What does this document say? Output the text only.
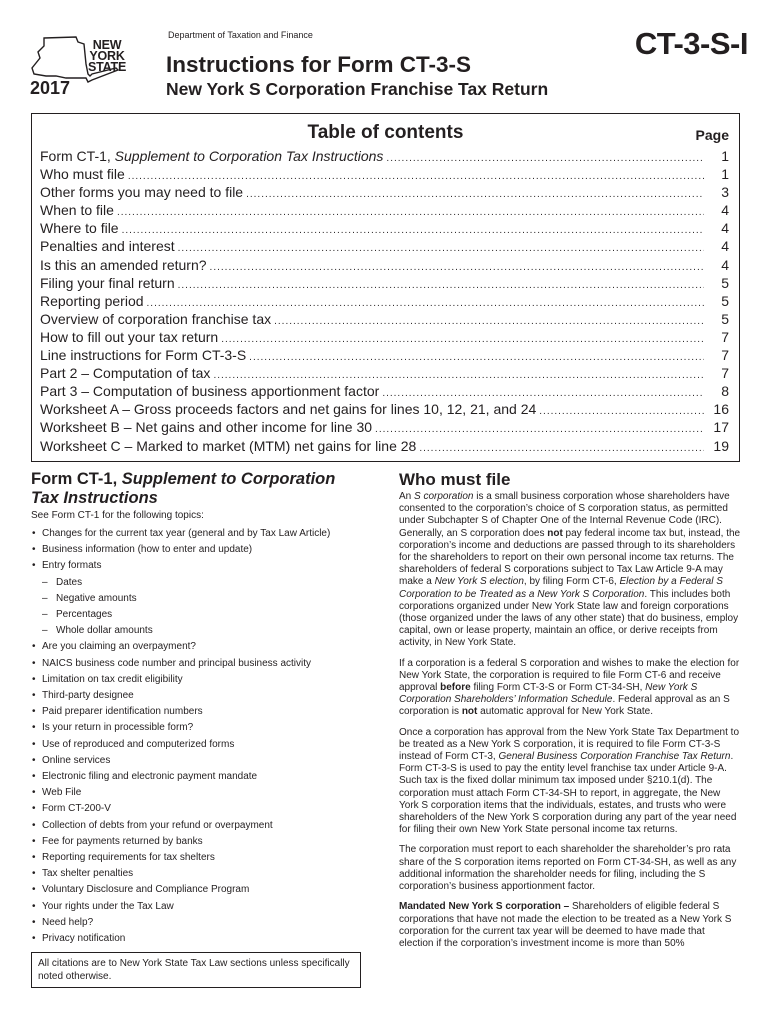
NEW
YORK
STATE
2017
Department of Taxation and Finance	CT-3-S-I
Instructions for Form CT-3-S
New York S Corporation Franchise Tax Return
Table of contents	Page
Form CT-1, Supplement to Corporation Tax Instructions .....	1
Who must file .....	1
Other forms you may need to file .....	3
When to file .....	4
Where to file .....	4
Penalties and interest .....	4
Is this an amended return? .....	4
Filing your final return .....	5
Reporting period .....	5
Overview of corporation franchise tax .....	5
How to fill out your tax return .....	7
Line instructions for Form CT-3-S .....	7
Part 2 – Computation of tax .....	7
Part 3 – Computation of business apportionment factor .....	8
Worksheet A – Gross proceeds factors and net gains for lines 10, 12, 21, and 24 .....	16
Worksheet B – Net gains and other income for line 30 .....	17
Worksheet C – Marked to market (MTM) net gains for line 28 .....	19
Form CT-1, Supplement to Corporation Tax Instructions
See Form CT-1 for the following topics:
• Changes for the current tax year (general and by Tax Law Article)
• Business information (how to enter and update)
• Entry formats
– Dates
– Negative amounts
– Percentages
– Whole dollar amounts
• Are you claiming an overpayment?
• NAICS business code number and principal business activity
• Limitation on tax credit eligibility
• Third-party designee
• Paid preparer identification numbers
• Is your return in processible form?
• Use of reproduced and computerized forms
• Online services
• Electronic filing and electronic payment mandate
• Web File
• Form CT-200-V
• Collection of debts from your refund or overpayment
• Fee for payments returned by banks
• Reporting requirements for tax shelters
• Tax shelter penalties
• Voluntary Disclosure and Compliance Program
• Your rights under the Tax Law
• Need help?
• Privacy notification
All citations are to New York State Tax Law sections unless specifically noted otherwise.
Who must file

An S corporation is a small business corporation whose shareholders have consented to the corporation’s choice of S corporation status, as permitted under Subchapter S of Chapter One of the Internal Revenue Code (IRC). Generally, an S corporation does not pay federal income tax but, instead, the corporation’s income and deductions are passed through to its shareholders for the shareholders to report on their own personal income tax returns. The shareholders of federal S corporations subject to Tax Law Article 9-A may make a New York S election, by filing Form CT-6, Election by a Federal S Corporation to be Treated as a New York S Corporation. This includes both corporations organized under New York State law and foreign corporations (those organized under the laws of any other state) that do business, employ capital, own or lease property, maintain an office, or derive receipts from activity, in New York State.

If a corporation is a federal S corporation and wishes to make the election for New York State, the corporation is required to file Form CT-6 and receive approval before filing Form CT-3-S or Form CT-34-SH, New York S Corporation Shareholders’ Information Schedule. Federal approval as an S corporation is not automatic approval for New York State.

Once a corporation has approval from the New York State Tax Department to be treated as a New York S corporation, it is required to file Form CT-3-S instead of Form CT-3, General Business Corporation Franchise Tax Return. Form CT-3-S is used to pay the entity level franchise tax under Article 9-A. Such tax is the fixed dollar minimum tax imposed under §210.1(d). The corporation must attach Form CT-34-SH to report, in aggregate, the New York S corporation items that the individuals, estates, and trusts who were shareholders of the New York S corporation during any part of the year need for filing their own New York State personal income tax returns.

The corporation must report to each shareholder the shareholder’s pro rata share of the S corporation items reported on Form CT-34-SH, as well as any additional information the shareholder needs for filing, including the S corporation’s business apportionment factor.

Mandated New York S corporation – Shareholders of eligible federal S corporations that have not made the election to be treated as a New York S corporation for the current tax year will be deemed to have made that election if the corporation’s investment income is more than 50%
